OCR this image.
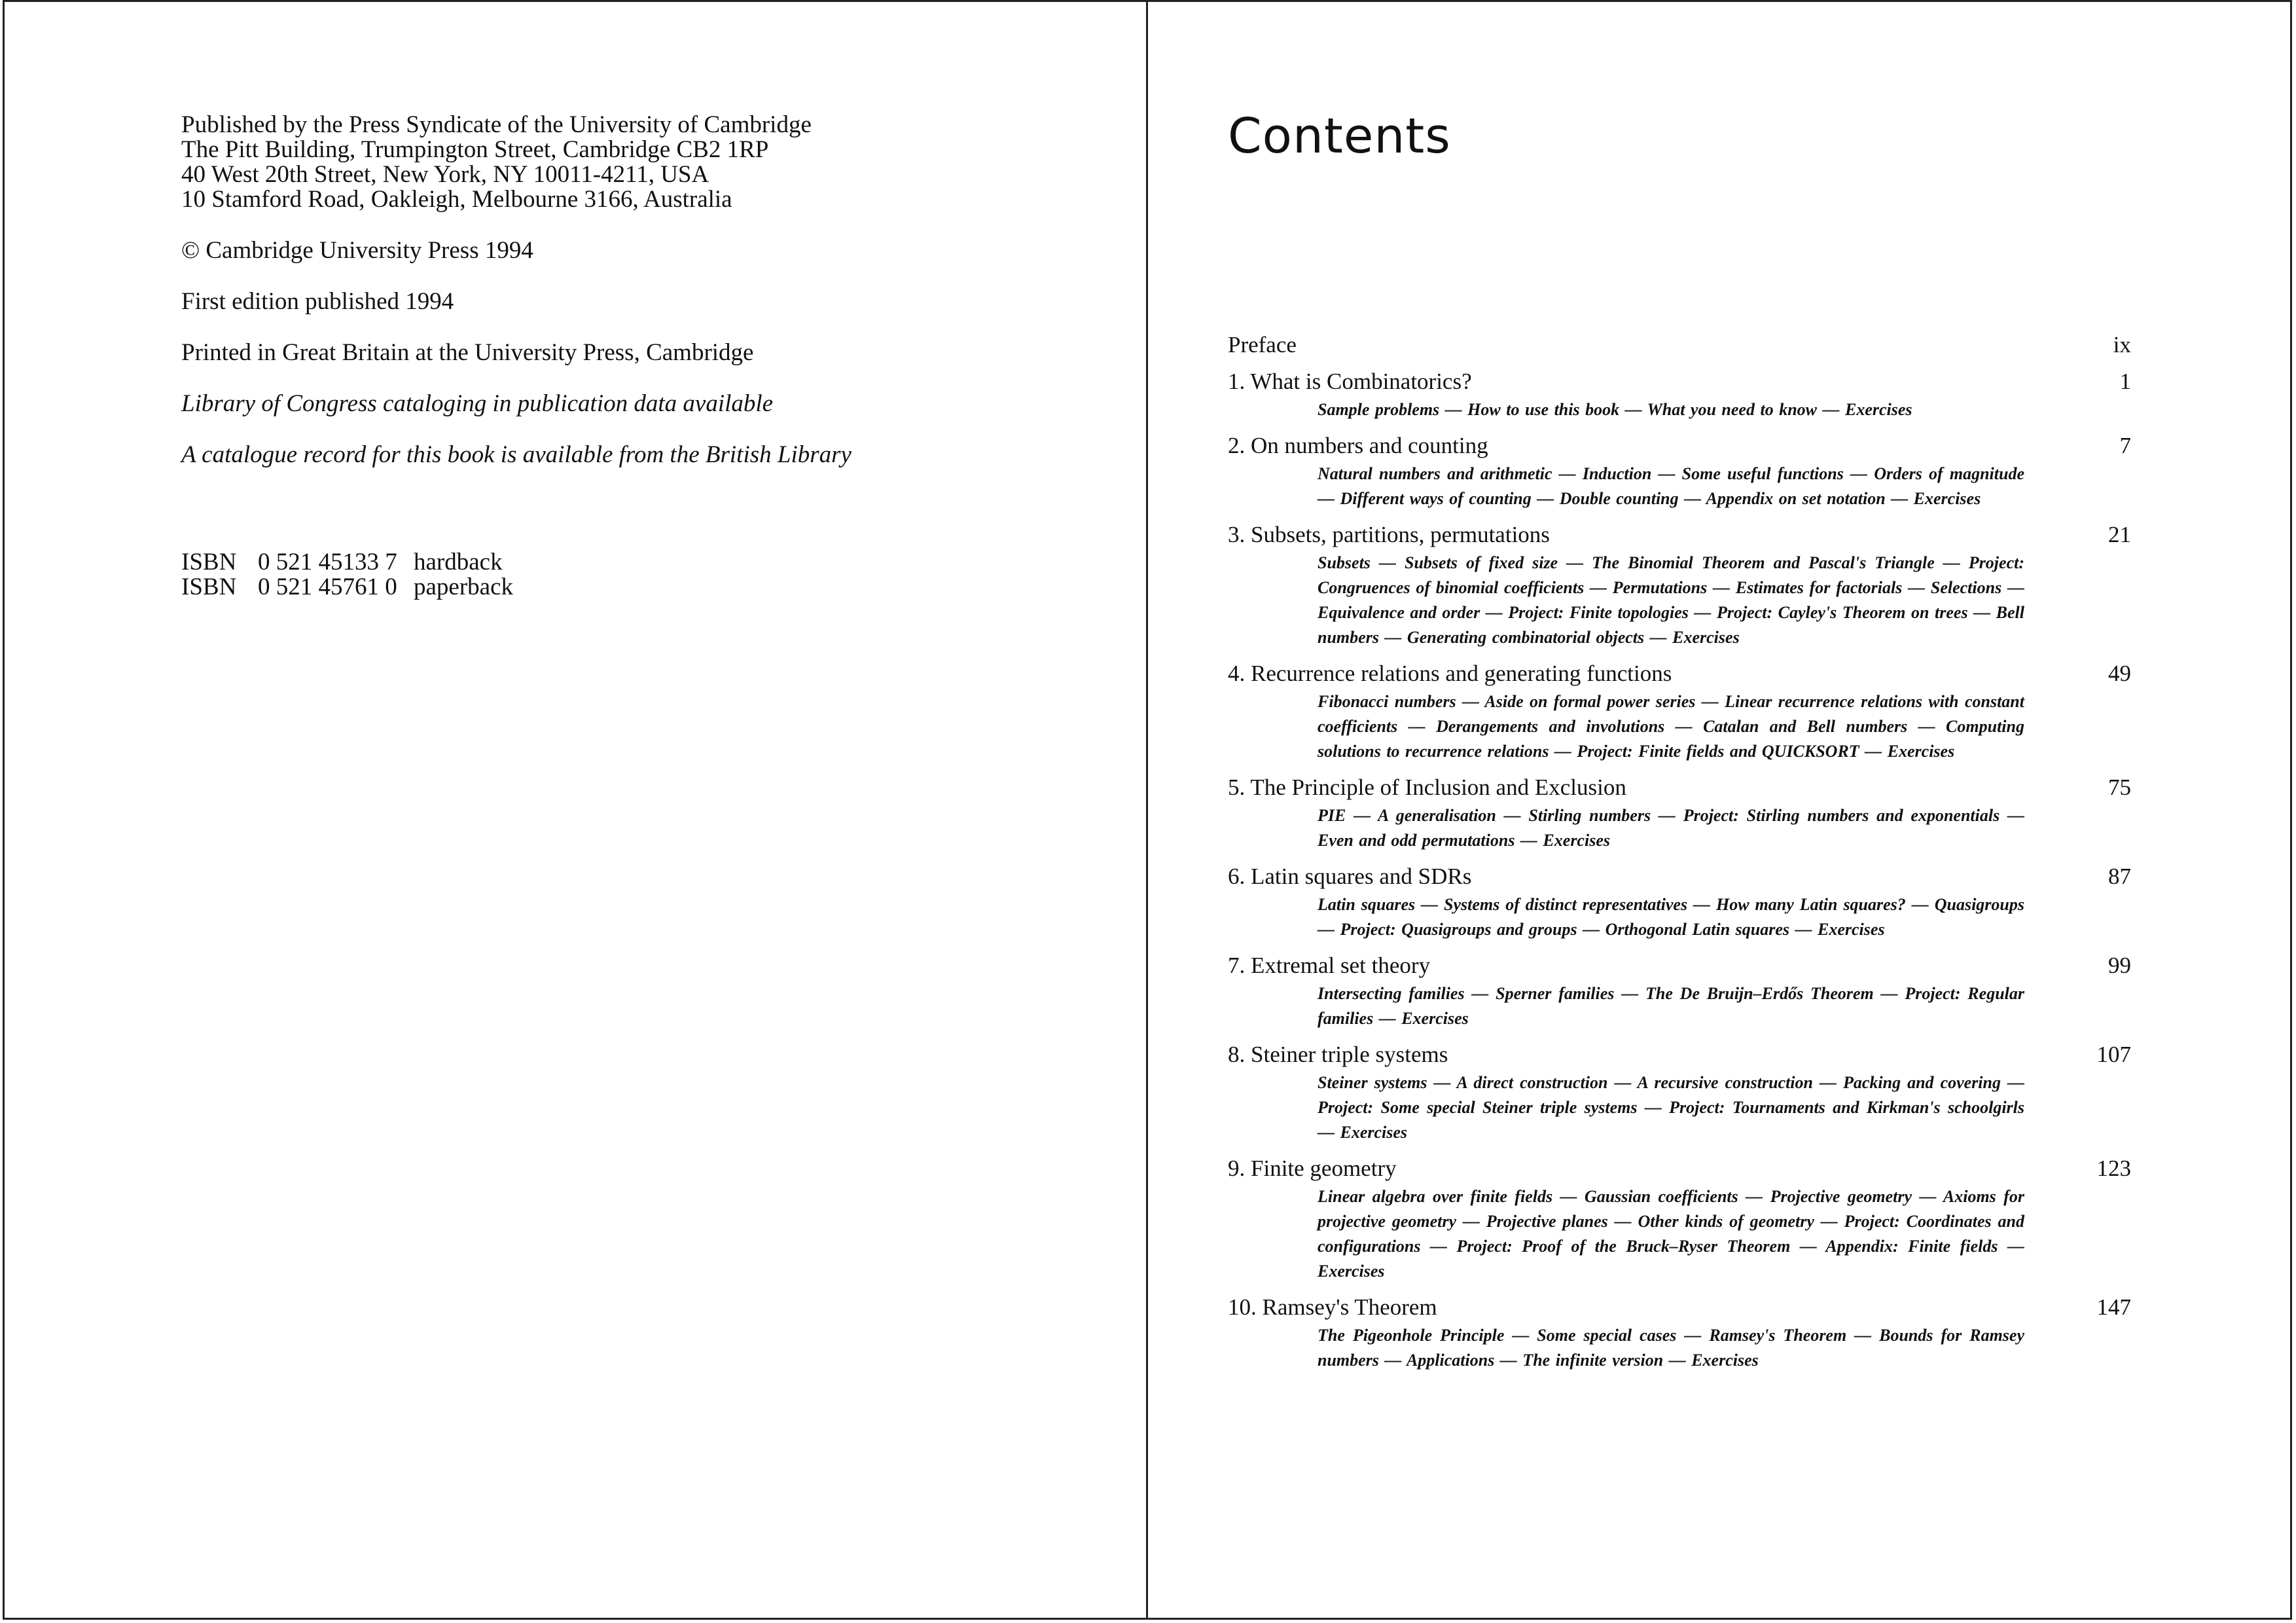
Published by the Press Syndicate of the University of Cambridge
The Pitt Building, Trumpington Street, Cambridge CB2 1RP
40 West 20th Street, New York, NY 10011-4211, USA
10 Stamford Road, Oakleigh, Melbourne 3166, Australia
© Cambridge University Press 1994
First edition published 1994
Printed in Great Britain at the University Press, Cambridge
Library of Congress cataloging in publication data available
A catalogue record for this book is available from the British Library
ISBN 0 521 45133 7 hardback
ISBN 0 521 45761 0 paperback
Contents
Preface	ix
1. What is Combinatorics?	1
Sample problems — How to use this book — What you need to know — Exercises
2. On numbers and counting	7
Natural numbers and arithmetic — Induction — Some useful functions — Orders of magnitude — Different ways of counting — Double counting — Appendix on set notation — Exercises
3. Subsets, partitions, permutations	21
Subsets — Subsets of fixed size — The Binomial Theorem and Pascal's Triangle — Project: Congruences of binomial coefficients — Permutations — Estimates for factorials — Selections — Equivalence and order — Project: Finite topologies — Project: Cayley's Theorem on trees — Bell numbers — Generating combinatorial objects — Exercises
4. Recurrence relations and generating functions	49
Fibonacci numbers — Aside on formal power series — Linear recurrence relations with constant coefficients — Derangements and involutions — Catalan and Bell numbers — Computing solutions to recurrence relations — Project: Finite fields and QUICKSORT — Exercises
5. The Principle of Inclusion and Exclusion	75
PIE — A generalisation — Stirling numbers — Project: Stirling numbers and exponentials — Even and odd permutations — Exercises
6. Latin squares and SDRs	87
Latin squares — Systems of distinct representatives — How many Latin squares? — Quasigroups — Project: Quasigroups and groups — Orthogonal Latin squares — Exercises
7. Extremal set theory	99
Intersecting families — Sperner families — The De Bruijn–Erdős Theorem — Project: Regular families — Exercises
8. Steiner triple systems	107
Steiner systems — A direct construction — A recursive construction — Packing and covering — Project: Some special Steiner triple systems — Project: Tournaments and Kirkman's schoolgirls — Exercises
9. Finite geometry	123
Linear algebra over finite fields — Gaussian coefficients — Projective geometry — Axioms for projective geometry — Projective planes — Other kinds of geometry — Project: Coordinates and configurations — Project: Proof of the Bruck–Ryser Theorem — Appendix: Finite fields — Exercises
10. Ramsey's Theorem	147
The Pigeonhole Principle — Some special cases — Ramsey's Theorem — Bounds for Ramsey numbers — Applications — The infinite version — Exercises
